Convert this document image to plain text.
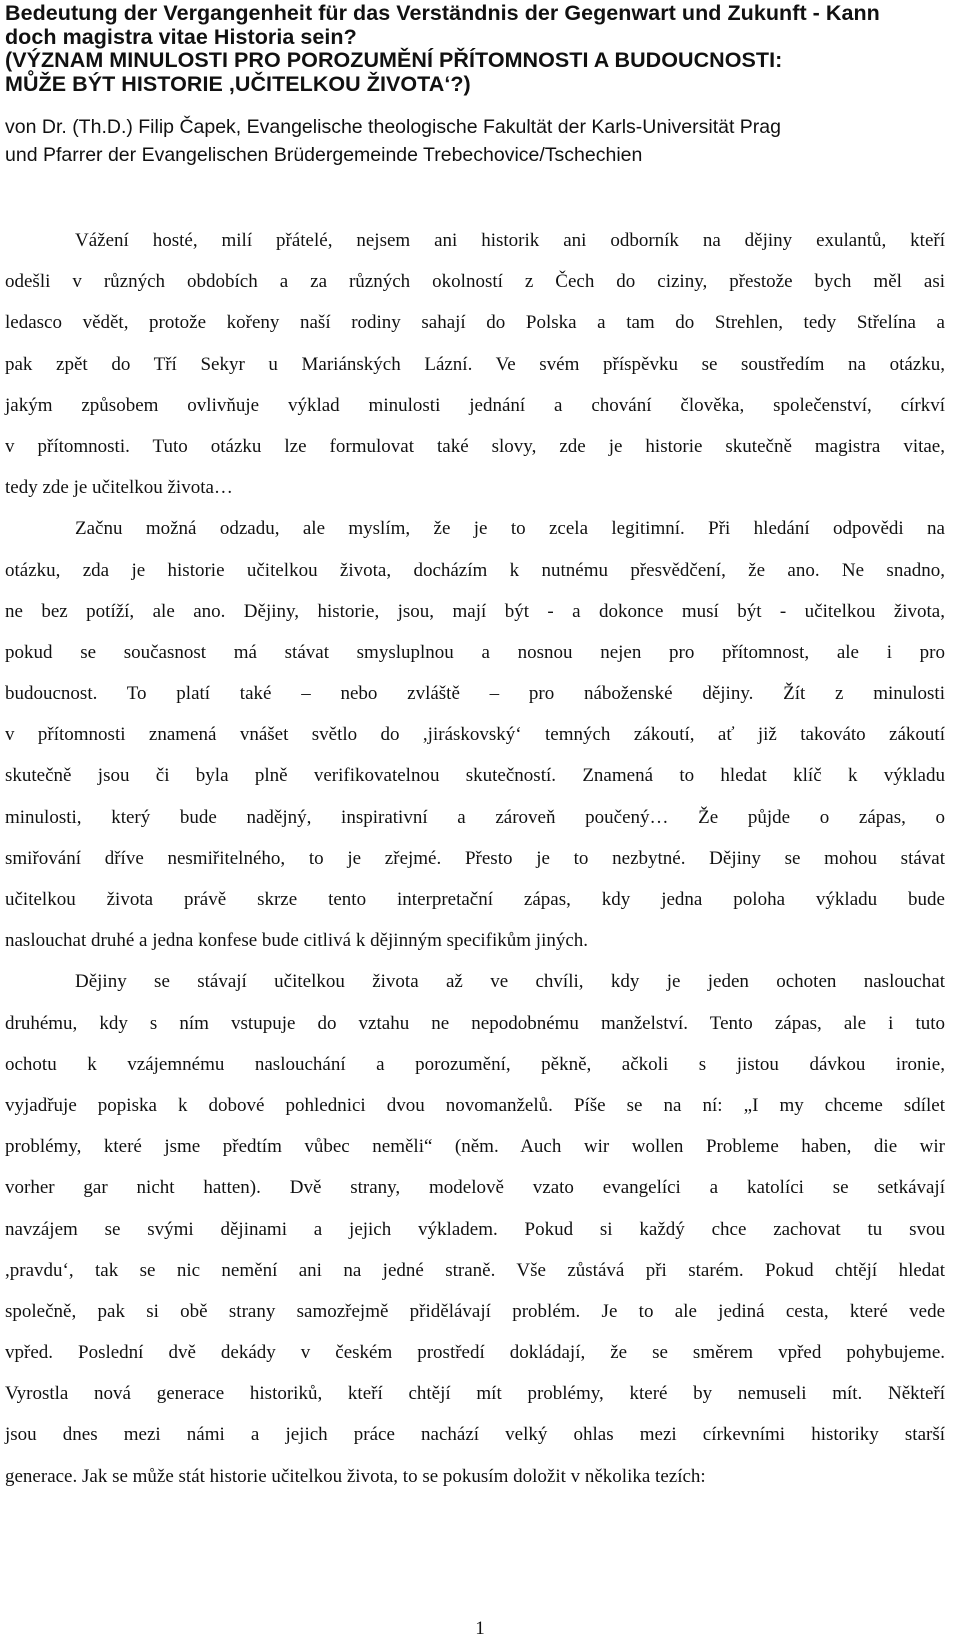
Bedeutung der Vergangenheit für das Verständnis der Gegenwart und Zukunft - Kann
doch magistra vitae Historia sein?
(VÝZNAM MINULOSTI PRO POROZUMĚNÍ PŘÍTOMNOSTI A BUDOUCNOSTI:
MŮŽE BÝT HISTORIE ,UČITELKOU ŽIVOTA‘?)

von Dr. (Th.D.) Filip Čapek, Evangelische theologische Fakultät der Karls-Universität Prag
und Pfarrer der Evangelischen Brüdergemeinde Trebechovice/Tschechien

Vážení hosté, milí přátelé, nejsem ani historik ani odborník na dějiny exulantů, kteří
odešli v různých obdobích a za různých okolností z Čech do ciziny, přestože bych měl asi
ledasco vědět, protože kořeny naší rodiny sahají do Polska a tam do Strehlen, tedy Střelína a
pak zpět do Tří Sekyr u Mariánských Lázní. Ve svém příspěvku se soustředím na otázku,
jakým způsobem ovlivňuje výklad minulosti jednání a chování člověka, společenství, církví
v přítomnosti. Tuto otázku lze formulovat také slovy, zde je historie skutečně magistra vitae,
tedy zde je učitelkou života…

Začnu možná odzadu, ale myslím, že je to zcela legitimní. Při hledání odpovědi na
otázku, zda je historie učitelkou života, docházím k nutnému přesvědčení, že ano. Ne snadno,
ne bez potíží, ale ano. Dějiny, historie, jsou, mají být - a dokonce musí být - učitelkou života,
pokud se současnost má stávat smysluplnou a nosnou nejen pro přítomnost, ale i pro
budoucnost. To platí také – nebo zvláště – pro náboženské dějiny. Žít z minulosti
v přítomnosti znamená vnášet světlo do ,jiráskovský‘ temných zákoutí, ať již takováto zákoutí
skutečně jsou či byla plně verifikovatelnou skutečností. Znamená to hledat klíč k výkladu
minulosti, který bude nadějný, inspirativní a zároveň poučený… Že půjde o zápas, o
smiřování dříve nesmiřitelného, to je zřejmé. Přesto je to nezbytné. Dějiny se mohou stávat
učitelkou života právě skrze tento interpretační zápas, kdy jedna poloha výkladu bude
naslouchat druhé a jedna konfese bude citlivá k dějinným specifikům jiných.

Dějiny se stávají učitelkou života až ve chvíli, kdy je jeden ochoten naslouchat
druhému, kdy s ním vstupuje do vztahu ne nepodobnému manželství. Tento zápas, ale i tuto
ochotu k vzájemnému naslouchání a porozumění, pěkně, ačkoli s jistou dávkou ironie,
vyjadřuje popiska k dobové pohlednici dvou novomanželů. Píše se na ní: „I my chceme sdílet
problémy, které jsme předtím vůbec neměli“ (něm. Auch wir wollen Probleme haben, die wir
vorher gar nicht hatten). Dvě strany, modelově vzato evangelíci a katolíci se setkávají
navzájem se svými dějinami a jejich výkladem. Pokud si každý chce zachovat tu svou
,pravdu‘, tak se nic nemění ani na jedné straně. Vše zůstává při starém. Pokud chtějí hledat
společně, pak si obě strany samozřejmě přidělávají problém. Je to ale jediná cesta, které vede
vpřed. Poslední dvě dekády v českém prostředí dokládají, že se směrem vpřed pohybujeme.
Vyrostla nová generace historiků, kteří chtějí mít problémy, které by nemuseli mít. Někteří
jsou dnes mezi námi a jejich práce nachází velký ohlas mezi církevními historiky starší
generace. Jak se může stát historie učitelkou života, to se pokusím doložit v několika tezích:

1
